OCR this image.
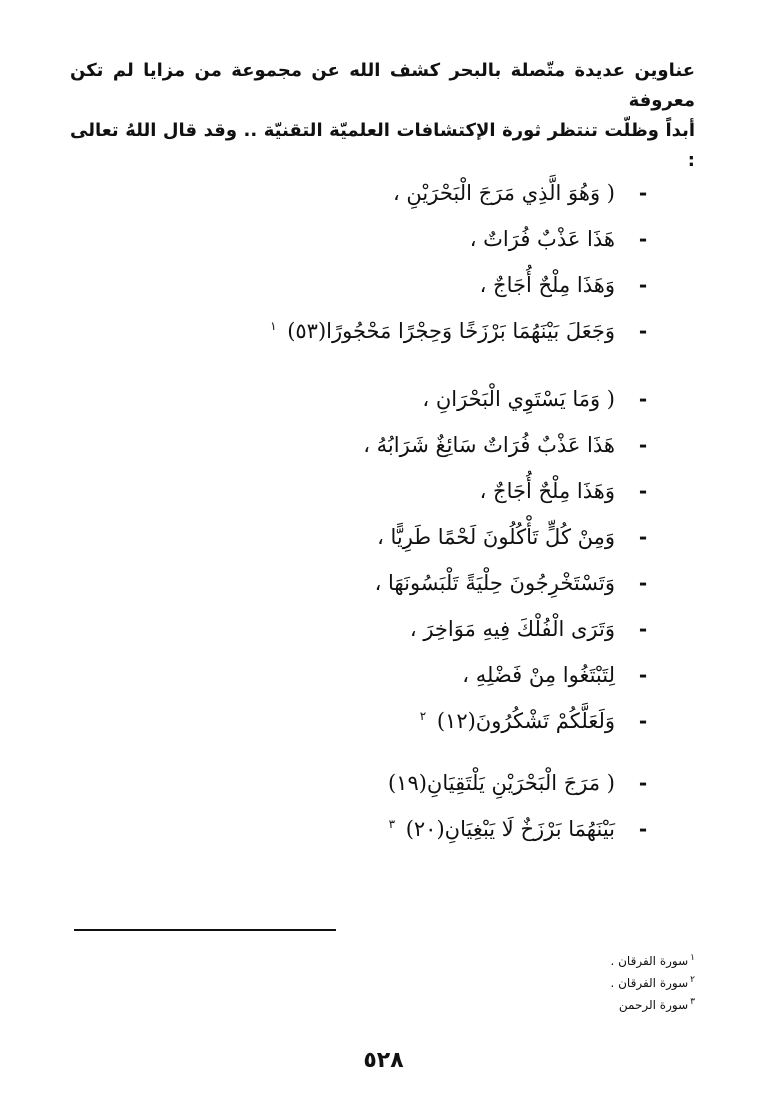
عناوين عديدة متّصلة بالبحر كشف الله عن مجموعة من مزايا لم تكن معروفة

أبداً وظلّت تنتظر ثورة الإكتشافات العلميّة التقنيّة .. وقد قال اللهُ تعالى :

-
( وَهُوَ الَّذِي مَرَجَ الْبَحْرَيْنِ ،
-
هَذَا عَذْبٌ فُرَاتٌ ،
-
وَهَذَا مِلْحٌ أُجَاجٌ ،
-
وَجَعَلَ بَيْنَهُمَا بَرْزَخًا وَحِجْرًا مَحْجُورًا(٥٣) $^١$
-
( وَمَا يَسْتَوِي الْبَحْرَانِ ،
-
هَذَا عَذْبٌ فُرَاتٌ سَائِغٌ شَرَابُهُ ،
-
وَهَذَا مِلْحٌ أُجَاجٌ ،
-
وَمِنْ كُلٍّ تَأْكُلُونَ لَحْمًا طَرِيًّا ،
-
وَتَسْتَخْرِجُونَ حِلْيَةً تَلْبَسُونَهَا ،
-
وَتَرَى الْفُلْكَ فِيهِ مَوَاخِرَ ،
-
لِتَبْتَغُوا مِنْ فَضْلِهِ ،
-
وَلَعَلَّكُمْ تَشْكُرُونَ(١٢) $^٢$
-
( مَرَجَ الْبَحْرَيْنِ يَلْتَقِيَانِ(١٩)
-
بَيْنَهُمَا بَرْزَخٌ لَا يَبْغِيَانِ(٢٠) $^٣$
$^١$سورة الفرقان .
$^٢$سورة الفرقان .
$^٣$سورة الرحمن
٥٢٨
